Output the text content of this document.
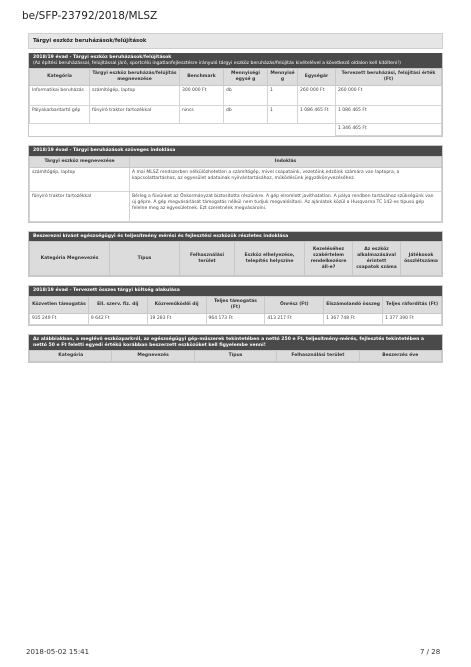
be/SFP-23792/2018/MLSZ
Tárgyi eszköz beruházások/felújítások
2018/19 évad - Tárgyi eszköz beruházások/felújítások
(Az építési beruházással, felújítással járó, sportcélú ingatlanfejlesztésre irányuló tárgyi eszköz beruházás/felújítás kivételével a következő oldalon kell kitölteni!)
Kategória	Tárgyi eszköz beruházás/felújítás megnevezése	Benchmark	Mennyiségi egysé g	Mennyisé g	Egységár	Tervezett beruházási, felújítási érték (Ft)
Informatikai beruházás	számítógép, laptop	300 000 Ft	db	1	260 000 Ft	260 000 Ft
Pályakarbantartó gép	fűnyíró traktor tartozékkal	nincs	db	1	1 086 465 Ft	1 086 465 Ft
						1 346 465 Ft
2018/19 évad - Tárgyi beruházások szöveges indoklása
Tárgyi eszköz megnevezése	Indoklás
számítógép, laptop	A mai MLSZ rendszerben nélkülözhetetlen a számítógép, mivel csapataink, vezetőink,edzőink számára van laptopra, a kapcsolattartáshoz, az egyesület adatainak nyilvántartásához, működésünk jegyzőkönyvezéséhez.
fűnyíró traktor tartozékkal	Bérleg a füvünket az Önkormányzat biztosította részünkre. A gép elromlott javíthatatlan. A pálya rendben tartásához szükségünk van új gépre. A gép megvásárlását támogatás nélkül nem tudjuk megvalósítani. Az ajánlatok közül a Husqvarna TC 142-es típusú gép felelne meg az egyesületnek. Ezt szeretnénk megvásárolni.
Beszerezni kívánt egészségügyi és teljesítmény mérési és fejlesztési eszközök részletes indoklása
Kategória Megnevezés	Típus	Felhasználási terület	Eszköz elhelyezése, telepítés helyszíne	Kezeléséhez szakértelem rendelkezésre áll-e?	Az eszköz alkalmazásával érintett csapatok száma	Játékosok összlétszáma
2018/19 évad - Tervezett összes tárgyi költség alakulása
Közvetlen támogatás	Ell. szerv. fiz. díj	Közreműködői díj	Teljes támogatás (Ft)	Önrész (Ft)	Elszámolandó összeg	Teljes ráfordítás (Ft)
935 249 Ft	9 642 Ft	19 283 Ft	964 173 Ft	413 217 Ft	1 367 748 Ft	1 377 390 Ft
Az alábbiakban, a meglévő eszközparkról, az egészségügyi gép-műszerek tekintetében a nettó 250 e Ft, teljesítmény-mérés, fejlesztés tekintetében a nettó 50 e Ft feletti egyedi értékű korábban beszerzett eszközöket kell figyelembe venni!
Kategória	Megnevezés	Típus	Felhasználási terület	Beszerzés éve
2018-05-02 15:41	7 / 28
